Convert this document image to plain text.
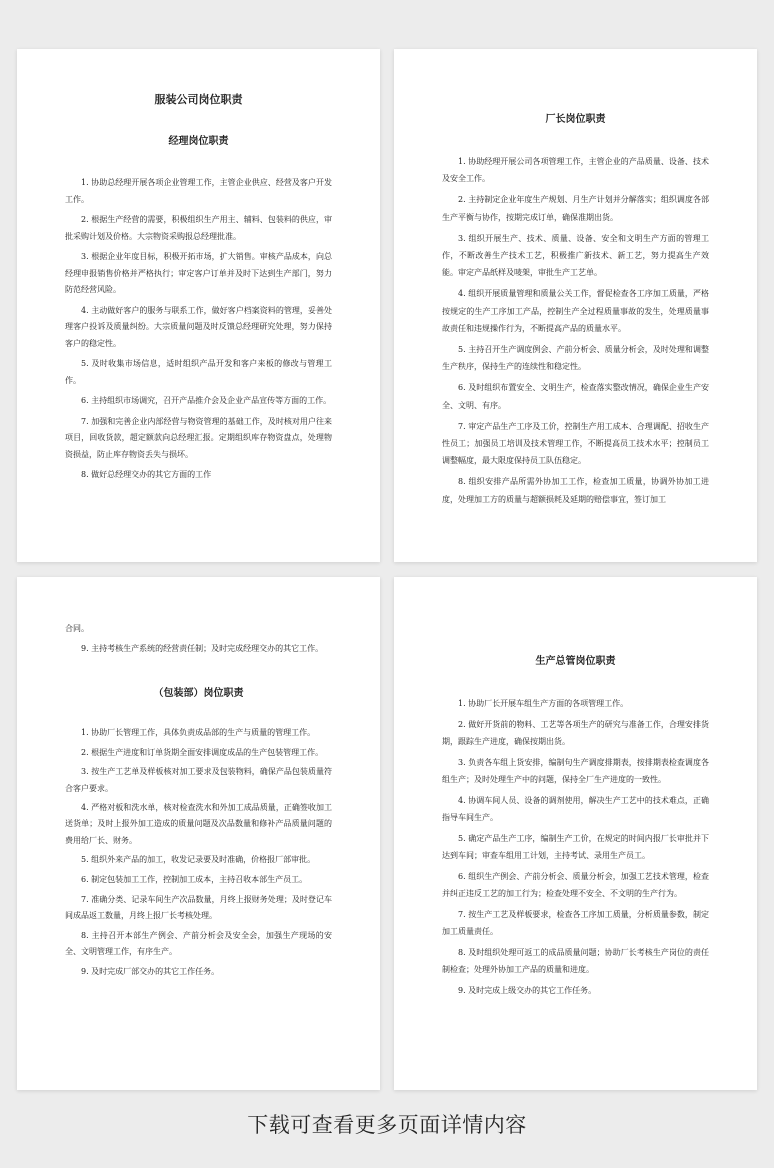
服装公司岗位职责
经理岗位职责

1. 协助总经理开展各项企业管理工作，主管企业供应、经营及客户开发工作。

2. 根据生产经营的需要，积极组织生产用主、辅料、包装料的供应，审批采购计划及价格。大宗物资采购报总经理批准。

3. 根据企业年度目标，积极开拓市场，扩大销售。审核产品成本，向总经理申报销售价格并严格执行；审定客户订单并及时下达到生产部门，努力防范经营风险。

4. 主动做好客户的服务与联系工作，做好客户档案资料的管理，妥善处理客户投诉及质量纠纷。大宗质量问题及时反馈总经理研究处理，努力保持客户的稳定性。

5. 及时收集市场信息，适时组织产品开发和客户来板的修改与管理工作。

6. 主持组织市场调究，召开产品推介会及企业产品宣传等方面的工作。

7. 加强和完善企业内部经营与物资管理的基础工作，及时核对用户往来项目，回收货款，超定额款向总经理汇报。定期组织库存物资盘点，处理物资损益，防止库存物资丢失与损坏。

8. 做好总经理交办的其它方面的工作

厂长岗位职责

1. 协助经理开展公司各项管理工作，主管企业的产品质量、设备、技术及安全工作。

2. 主持制定企业年度生产规划、月生产计划并分解落实；组织调度各部生产平衡与协作，按期完成订单，确保准期出货。

3. 组织开展生产、技术、质量、设备、安全和文明生产方面的管理工作，不断改善生产技术工艺，积极推广新技术、新工艺，努力提高生产效能。审定产品纸样及唛架，审批生产工艺单。

4. 组织开展质量管理和质量公关工作，督促检查各工序加工质量，严格按规定的生产工序加工产品，控制生产全过程质量事故的发生，处理质量事故责任和违规操作行为，不断提高产品的质量水平。

5. 主持召开生产调度例会、产前分析会、质量分析会，及时处理和调整生产秩序，保持生产的连续性和稳定性。

6. 及时组织布置安全、文明生产，检查落实整改情况，确保企业生产安全、文明、有序。

7. 审定产品生产工序及工价，控制生产用工成本、合理调配、招收生产性员工；加强员工培训及技术管理工作，不断提高员工技术水平；控制员工调整幅度，最大限度保持员工队伍稳定。

8. 组织安排产品所需外协加工工作，检查加工质量，协调外协加工进度，处理加工方的质量与超额损耗及延期的赔偿事宜，签订加工

合同。

9. 主持考核生产系统的经营责任制；及时完成经理交办的其它工作。

（包装部）岗位职责

1. 协助厂长管理工作，具体负责成品部的生产与质量的管理工作。

2. 根据生产进度和订单货期全面安排调度成品的生产包装管理工作。

3. 按生产工艺单及样板核对加工要求及包装物料，确保产品包装质量符合客户要求。

4. 严格对板和洗水单，核对检查洗水和外加工成品质量，正确签收加工送货单；及时上报外加工造成的质量问题及次品数量和修补产品质量问题的费用给厂长、财务。

5. 组织外来产品的加工，收发记录要及时准确，价格报厂部审批。

6. 制定包装加工工作，控制加工成本，主持召收本部生产员工。

7. 准确分类、记录车间生产次品数量，月终上报财务处理；及时登记车间成品返工数量，月终上报厂长考核处理。

8. 主持召开本部生产例会、产前分析会及安全会，加强生产现场的安全、文明管理工作，有序生产。

9. 及时完成厂部交办的其它工作任务。

生产总管岗位职责

1. 协助厂长开展车组生产方面的各项管理工作。

2. 做好开货前的物料、工艺等各项生产的研究与准备工作，合理安排货期，跟踪生产进度，确保按期出货。

3. 负责各车组上货安排，编制句生产调度排期表，按排期表检查调度各组生产；及时处理生产中的问题，保持全厂生产进度的一致性。

4. 协调车间人员、设备的调剂使用，解决生产工艺中的技术难点，正确指导车间生产。

5. 确定产品生产工序，编制生产工价，在规定的时间内报厂长审批并下达到车间；审查车组用工计划，主持考试、录用生产员工。

6. 组织生产例会、产前分析会、质量分析会，加强工艺技术管理，检查并纠正违反工艺的加工行为；检查处理不安全、不文明的生产行为。

7. 按生产工艺及样板要求，检查各工序加工质量，分析质量参数，制定加工质量责任。

8. 及时组织处理可返工的成品质量问题；协助厂长考核生产岗位的责任制检查；处理外协加工产品的质量和进度。

9. 及时完成上级交办的其它工作任务。

下载可查看更多页面详情内容
